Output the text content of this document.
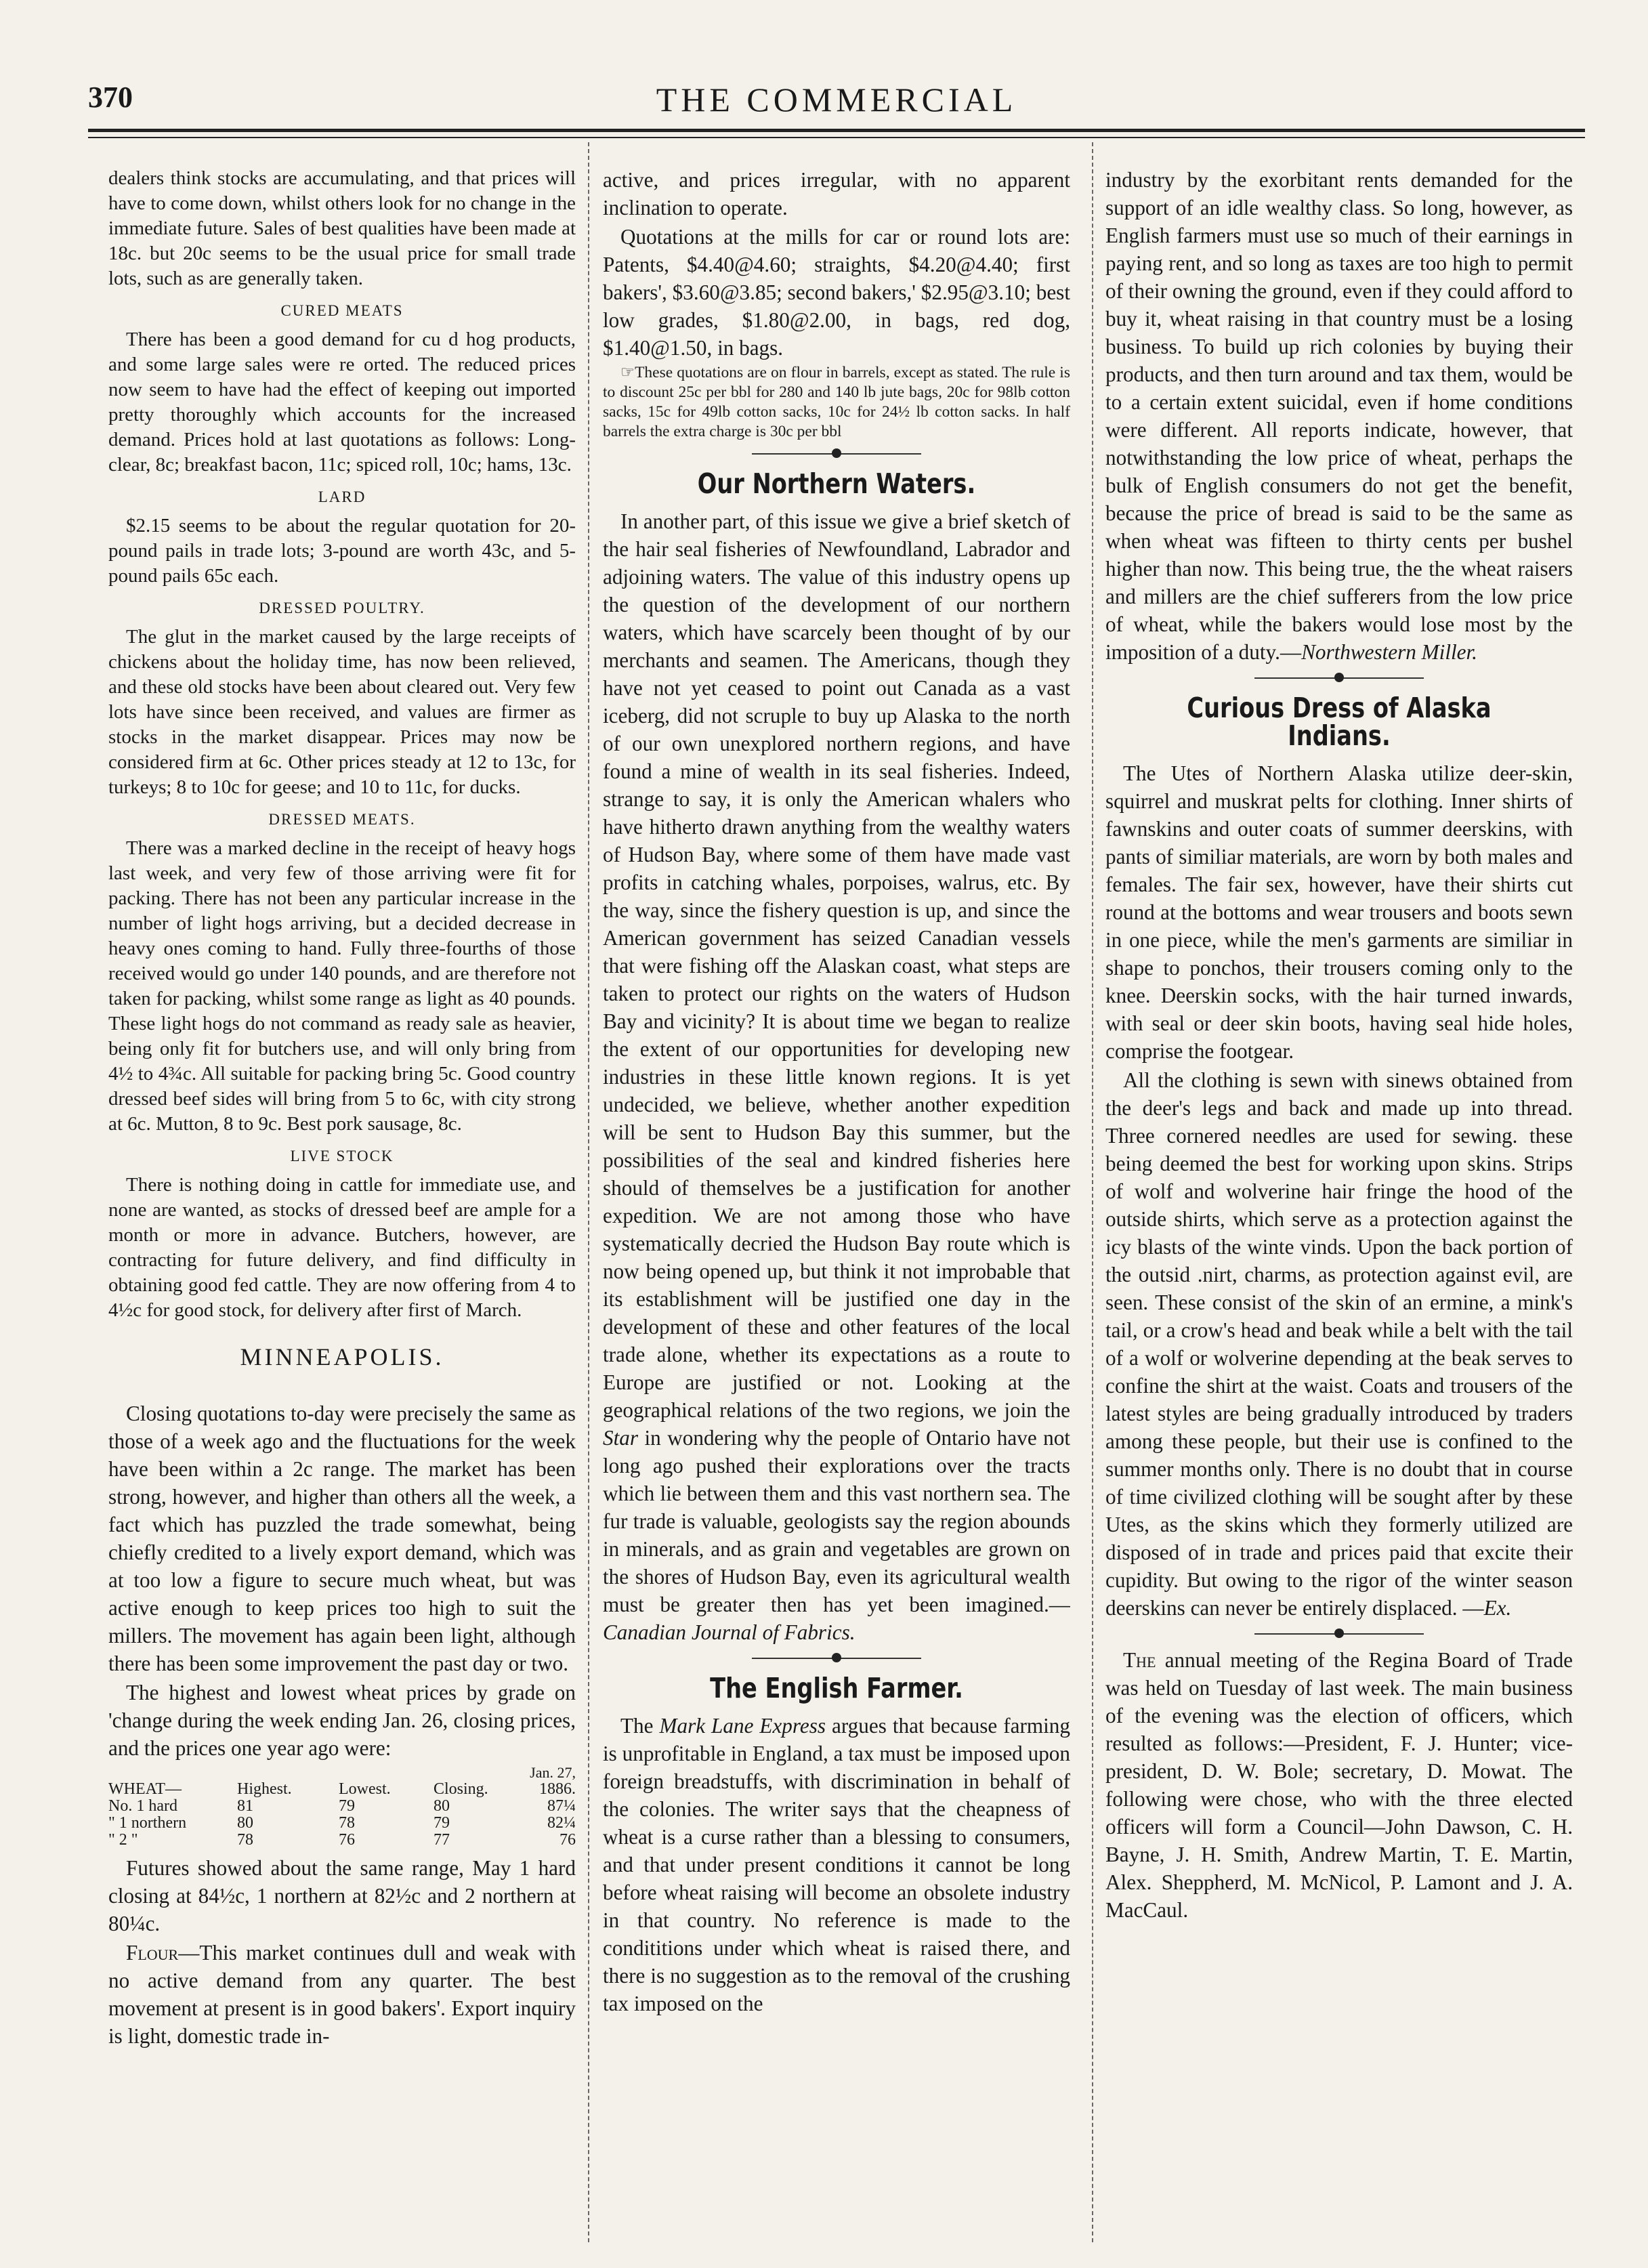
370	THE COMMERCIAL

dealers think stocks are accumulating, and that prices will have to come down, whilst others look for no change in the immediate future. Sales of best qualities have been made at 18c. but 20c seems to be the usual price for small trade lots, such as are generally taken.

CURED MEATS

There has been a good demand for cu d hog products, and some large sales were re orted. The reduced prices now seem to have had the effect of keeping out imported pretty thoroughly which accounts for the increased demand. Prices hold at last quotations as follows: Long-clear, 8c; breakfast bacon, 11c; spiced roll, 10c; hams, 13c.

LARD

$2.15 seems to be about the regular quotation for 20-pound pails in trade lots; 3-pound are worth 43c, and 5-pound pails 65c each.

DRESSED POULTRY.

The glut in the market caused by the large receipts of chickens about the holiday time, has now been relieved, and these old stocks have been about cleared out. Very few lots have since been received, and values are firmer as stocks in the market disappear. Prices may now be considered firm at 6c. Other prices steady at 12 to 13c, for turkeys; 8 to 10c for geese; and 10 to 11c, for ducks.

DRESSED MEATS.

There was a marked decline in the receipt of heavy hogs last week, and very few of those arriving were fit for packing. There has not been any particular increase in the number of light hogs arriving, but a decided decrease in heavy ones coming to hand. Fully three-fourths of those received would go under 140 pounds, and are therefore not taken for packing, whilst some range as light as 40 pounds. These light hogs do not command as ready sale as heavier, being only fit for butchers use, and will only bring from 4½ to 4¾c. All suitable for packing bring 5c. Good country dressed beef sides will bring from 5 to 6c, with city strong at 6c. Mutton, 8 to 9c. Best pork sausage, 8c.

LIVE STOCK

There is nothing doing in cattle for immediate use, and none are wanted, as stocks of dressed beef are ample for a month or more in advance. Butchers, however, are contracting for future delivery, and find difficulty in obtaining good fed cattle. They are now offering from 4 to 4½c for good stock, for delivery after first of March.

MINNEAPOLIS.

Closing quotations to-day were precisely the same as those of a week ago and the fluctuations for the week have been within a 2c range. The market has been strong, however, and higher than others all the week, a fact which has puzzled the trade somewhat, being chiefly credited to a lively export demand, which was at too low a figure to secure much wheat, but was active enough to keep prices too high to suit the millers. The movement has again been light, although there has been some improvement the past day or two.

The highest and lowest wheat prices by grade on 'change during the week ending Jan. 26, closing prices, and the prices one year ago were:

Jan. 27,
WHEAT—	Highest.	Lowest.	Closing.	1886.
No. 1 hard	81	79	80	87¼
" 1 northern	80	78	79	82¼
" 2 "	78	76	77	76

Futures showed about the same range, May 1 hard closing at 84½c, 1 northern at 82½c and 2 northern at 80¼c.

Flour—This market continues dull and weak with no active demand from any quarter. The best movement at present is in good bakers'. Export inquiry is light, domestic trade in-

active, and prices irregular, with no apparent inclination to operate.

Quotations at the mills for car or round lots are: Patents, $4.40@4.60; straights, $4.20@4.40; first bakers', $3.60@3.85; second bakers,' $2.95@3.10; best low grades, $1.80@2.00, in bags, red dog, $1.40@1.50, in bags.

☞These quotations are on flour in barrels, except as stated. The rule is to discount 25c per bbl for 280 and 140 lb jute bags, 20c for 98lb cotton sacks, 15c for 49lb cotton sacks, 10c for 24½ lb cotton sacks. In half barrels the extra charge is 30c per bbl

Our Northern Waters.

In another part, of this issue we give a brief sketch of the hair seal fisheries of Newfoundland, Labrador and adjoining waters. The value of this industry opens up the question of the development of our northern waters, which have scarcely been thought of by our merchants and seamen. The Americans, though they have not yet ceased to point out Canada as a vast iceberg, did not scruple to buy up Alaska to the north of our own unexplored northern regions, and have found a mine of wealth in its seal fisheries. Indeed, strange to say, it is only the American whalers who have hitherto drawn anything from the wealthy waters of Hudson Bay, where some of them have made vast profits in catching whales, porpoises, walrus, etc. By the way, since the fishery question is up, and since the American government has seized Canadian vessels that were fishing off the Alaskan coast, what steps are taken to protect our rights on the waters of Hudson Bay and vicinity? It is about time we began to realize the extent of our opportunities for developing new industries in these little known regions. It is yet undecided, we believe, whether another expedition will be sent to Hudson Bay this summer, but the possibilities of the seal and kindred fisheries here should of themselves be a justification for another expedition. We are not among those who have systematically decried the Hudson Bay route which is now being opened up, but think it not improbable that its establishment will be justified one day in the development of these and other features of the local trade alone, whether its expectations as a route to Europe are justified or not. Looking at the geographical relations of the two regions, we join the Star in wondering why the people of Ontario have not long ago pushed their explorations over the tracts which lie between them and this vast northern sea. The fur trade is valuable, geologists say the region abounds in minerals, and as grain and vegetables are grown on the shores of Hudson Bay, even its agricultural wealth must be greater then has yet been imagined.—Canadian Journal of Fabrics.

The English Farmer.

The Mark Lane Express argues that because farming is unprofitable in England, a tax must be imposed upon foreign breadstuffs, with discrimination in behalf of the colonies. The writer says that the cheapness of wheat is a curse rather than a blessing to consumers, and that under present conditions it cannot be long before wheat raising will become an obsolete industry in that country. No reference is made to the condititions under which wheat is raised there, and there is no suggestion as to the removal of the crushing tax imposed on the

industry by the exorbitant rents demanded for the support of an idle wealthy class. So long, however, as English farmers must use so much of their earnings in paying rent, and so long as taxes are too high to permit of their owning the ground, even if they could afford to buy it, wheat raising in that country must be a losing business. To build up rich colonies by buying their products, and then turn around and tax them, would be to a certain extent suicidal, even if home conditions were different. All reports indicate, however, that notwithstanding the low price of wheat, perhaps the bulk of English consumers do not get the benefit, because the price of bread is said to be the same as when wheat was fifteen to thirty cents per bushel higher than now. This being true, the the wheat raisers and millers are the chief sufferers from the low price of wheat, while the bakers would lose most by the imposition of a duty.—Northwestern Miller.

Curious Dress of Alaska Indians.

The Utes of Northern Alaska utilize deer-skin, squirrel and muskrat pelts for clothing. Inner shirts of fawnskins and outer coats of summer deerskins, with pants of similiar materials, are worn by both males and females. The fair sex, however, have their shirts cut round at the bottoms and wear trousers and boots sewn in one piece, while the men's garments are similiar in shape to ponchos, their trousers coming only to the knee. Deerskin socks, with the hair turned inwards, with seal or deer skin boots, having seal hide holes, comprise the footgear.

All the clothing is sewn with sinews obtained from the deer's legs and back and made up into thread. Three cornered needles are used for sewing. these being deemed the best for working upon skins. Strips of wolf and wolverine hair fringe the hood of the outside shirts, which serve as a protection against the icy blasts of the winte vinds. Upon the back portion of the outsid .nirt, charms, as protection against evil, are seen. These consist of the skin of an ermine, a mink's tail, or a crow's head and beak while a belt with the tail of a wolf or wolverine depending at the beak serves to confine the shirt at the waist. Coats and trousers of the latest styles are being gradually introduced by traders among these people, but their use is confined to the summer months only. There is no doubt that in course of time civilized clothing will be sought after by these Utes, as the skins which they formerly utilized are disposed of in trade and prices paid that excite their cupidity. But owing to the rigor of the winter season deerskins can never be entirely displaced. —Ex.

The annual meeting of the Regina Board of Trade was held on Tuesday of last week. The main business of the evening was the election of officers, which resulted as follows:—President, F. J. Hunter; vice-president, D. W. Bole; secretary, D. Mowat. The following were chose, who with the three elected officers will form a Council—John Dawson, C. H. Bayne, J. H. Smith, Andrew Martin, T. E. Martin, Alex. Sheppherd, M. McNicol, P. Lamont and J. A. MacCaul.
